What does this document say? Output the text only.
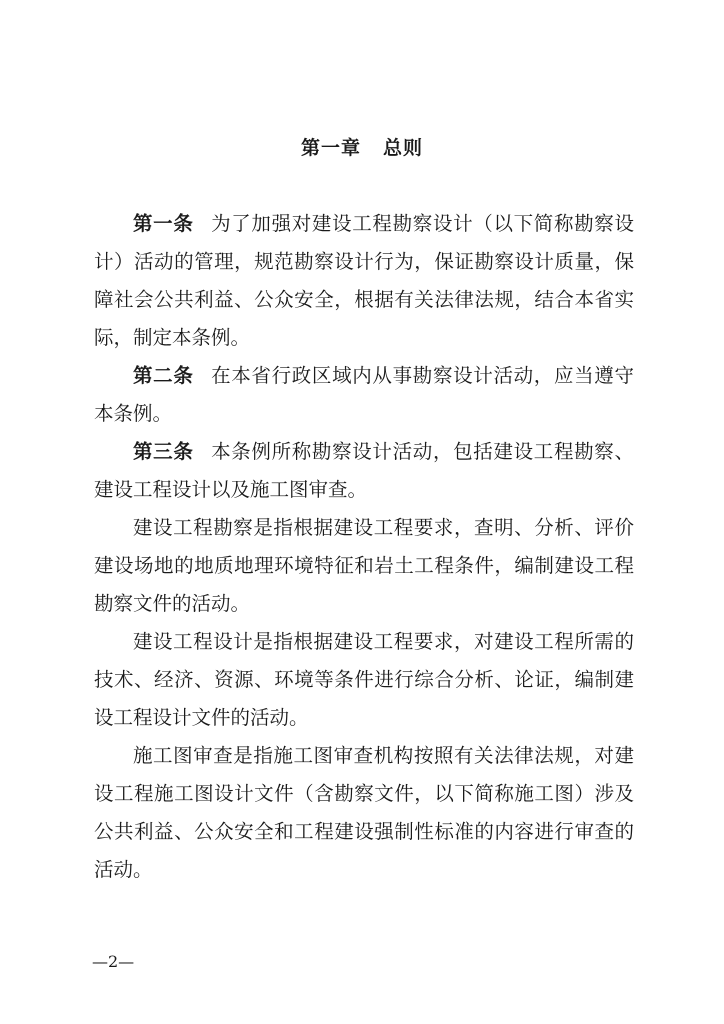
第一章 总则

第一条 为了加强对建设工程勘察设计（以下简称勘察设计）活动的管理，规范勘察设计行为，保证勘察设计质量，保障社会公共利益、公众安全，根据有关法律法规，结合本省实际，制定本条例。

第二条 在本省行政区域内从事勘察设计活动，应当遵守本条例。

第三条 本条例所称勘察设计活动，包括建设工程勘察、建设工程设计以及施工图审查。

建设工程勘察是指根据建设工程要求，查明、分析、评价建设场地的地质地理环境特征和岩土工程条件，编制建设工程勘察文件的活动。

建设工程设计是指根据建设工程要求，对建设工程所需的技术、经济、资源、环境等条件进行综合分析、论证，编制建设工程设计文件的活动。

施工图审查是指施工图审查机构按照有关法律法规，对建设工程施工图设计文件（含勘察文件，以下简称施工图）涉及公共利益、公众安全和工程建设强制性标准的内容进行审查的活动。

—2—
